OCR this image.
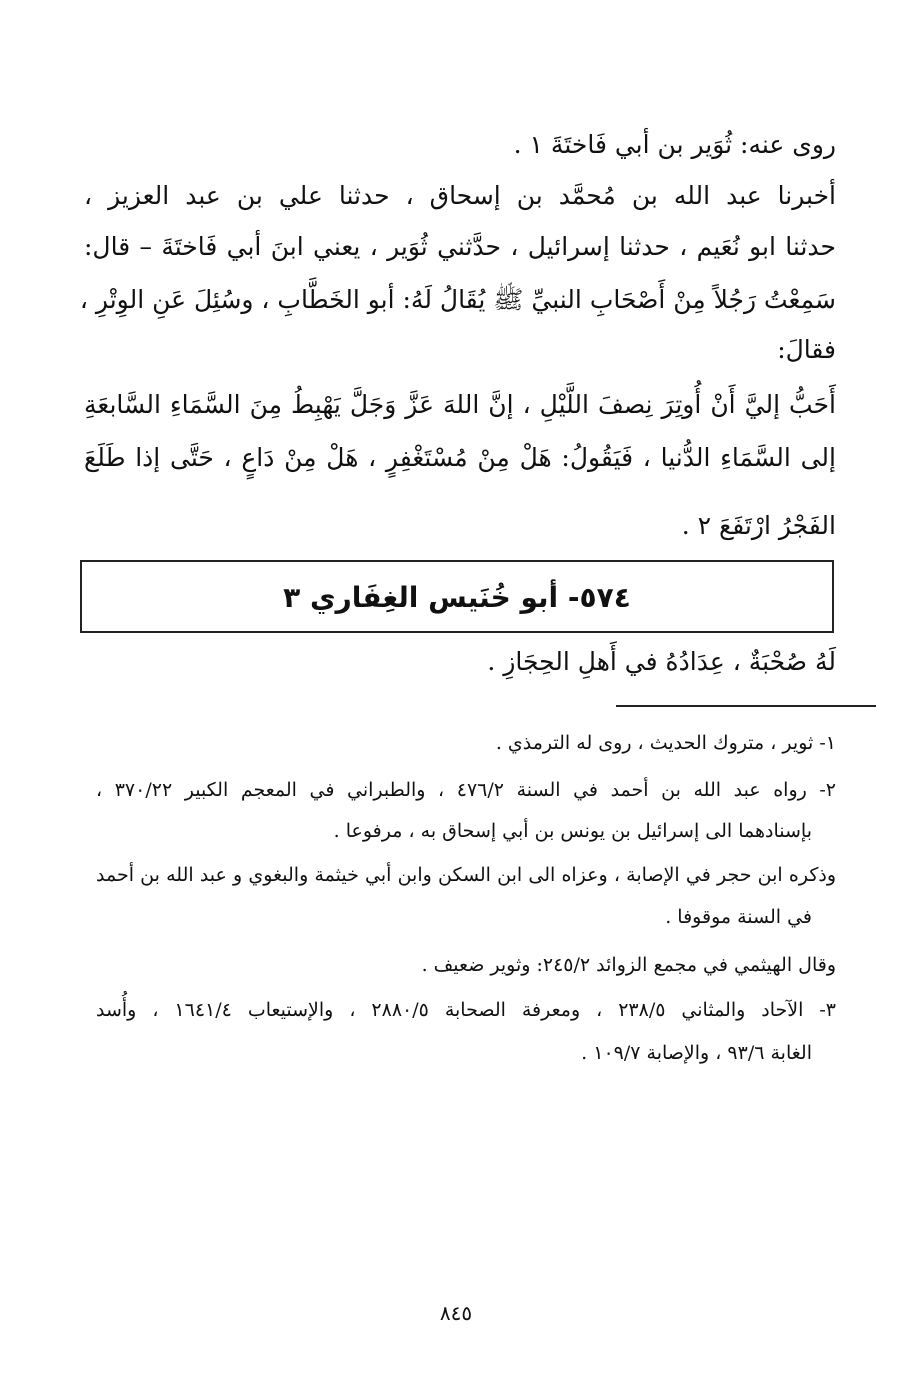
روى عنه: ثُوَير بن أبي فَاختَةَ ١ .
أخبرنا عبد الله بن مُحمَّد بن إسحاق ، حدثنا علي بن عبد العزيز ،
حدثنا ابو نُعَيم ، حدثنا إسرائيل ، حدَّثني ثُوَير ، يعني ابنَ أبي فَاختَةَ – قال:
سَمِعْتُ رَجُلاً مِنْ أَصْحَابِ النبيِّ ﷺ يُقَالُ لَهُ: أبو الخَطَّابِ ، وسُئِلَ عَنِ الوِتْرِ ،
فقالَ:
أَحَبُّ إليَّ أَنْ أُوتِرَ نِصفَ اللَّيْلِ ، إنَّ اللهَ عَزَّ وَجَلَّ يَهْبِطُ مِنَ السَّمَاءِ السَّابعَةِ
إلى السَّمَاءِ الدُّنيا ، فَيَقُولُ: هَلْ مِنْ مُسْتَغْفِرٍ ، هَلْ مِنْ دَاعٍ ، حَتَّى إذا طَلَعَ
الفَجْرُ ارْتَفَعَ ٢ .
٥٧٤- أبو خُنَيس الغِفَاري ٣
لَهُ صُحْبَةٌ ، عِدَادُهُ في أَهلِ الحِجَازِ .
١- ثوير ، متروك الحديث ، روى له الترمذي .
٢- رواه عبد الله بن أحمد في السنة ٤٧٦/٢ ، والطبراني في المعجم الكبير ٣٧٠/٢٢ ،
بإسنادهما الى إسرائيل بن يونس بن أبي إسحاق به ، مرفوعا .
وذكره ابن حجر في الإصابة ، وعزاه الى ابن السكن وابن أبي خيثمة والبغوي و عبد الله بن أحمد
في السنة موقوفا .
وقال الهيثمي في مجمع الزوائد ٢٤٥/٢: وثوير ضعيف .
٣- الآحاد والمثاني ٢٣٨/٥ ، ومعرفة الصحابة ٢٨٨٠/٥ ، والإستيعاب ١٦٤١/٤ ، وأُسد
الغابة ٩٣/٦ ، والإصابة ١٠٩/٧ .
٨٤٥
